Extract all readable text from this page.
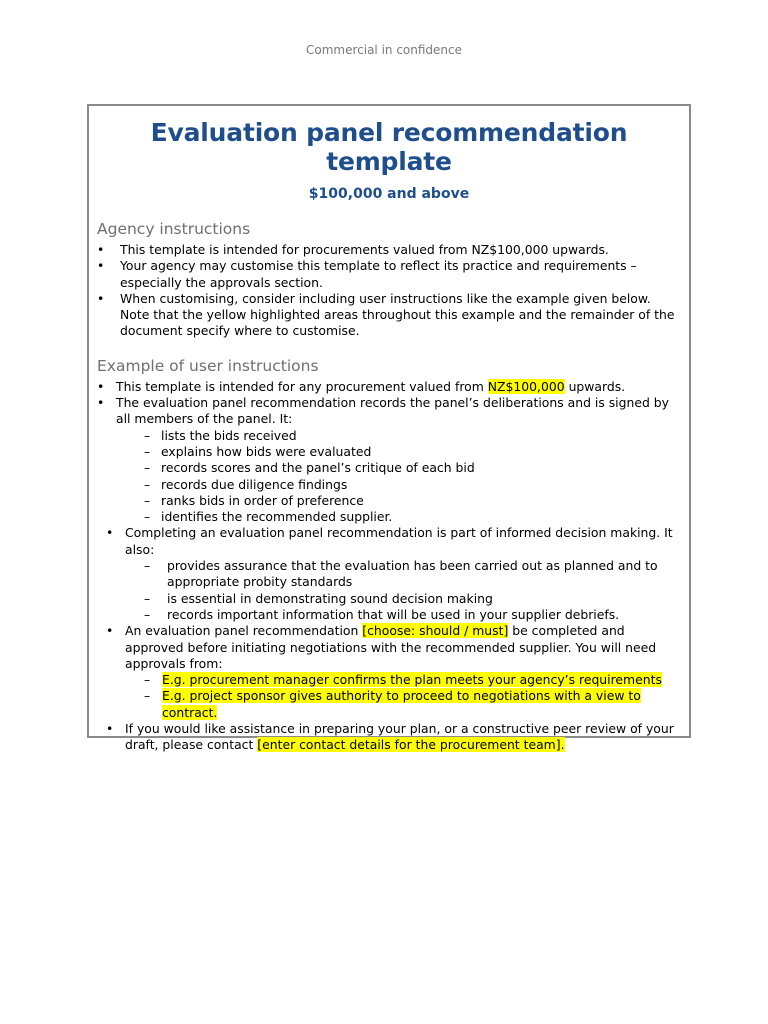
Commercial in confidence
Evaluation panel recommendation template
$100,000 and above
Agency instructions
• This template is intended for procurements valued from NZ$100,000 upwards.
• Your agency may customise this template to reflect its practice and requirements – especially the approvals section.
• When customising, consider including user instructions like the example given below. Note that the yellow highlighted areas throughout this example and the remainder of the document specify where to customise.
Example of user instructions
• This template is intended for any procurement valued from NZ$100,000 upwards.
• The evaluation panel recommendation records the panel’s deliberations and is signed by all members of the panel. It:
– lists the bids received
– explains how bids were evaluated
– records scores and the panel’s critique of each bid
– records due diligence findings
– ranks bids in order of preference
– identifies the recommended supplier.
• Completing an evaluation panel recommendation is part of informed decision making. It also:
– provides assurance that the evaluation has been carried out as planned and to appropriate probity standards
– is essential in demonstrating sound decision making
– records important information that will be used in your supplier debriefs.
• An evaluation panel recommendation [choose: should / must] be completed and approved before initiating negotiations with the recommended supplier. You will need approvals from:
– E.g. procurement manager confirms the plan meets your agency’s requirements
– E.g. project sponsor gives authority to proceed to negotiations with a view to contract.
• If you would like assistance in preparing your plan, or a constructive peer review of your draft, please contact [enter contact details for the procurement team].
